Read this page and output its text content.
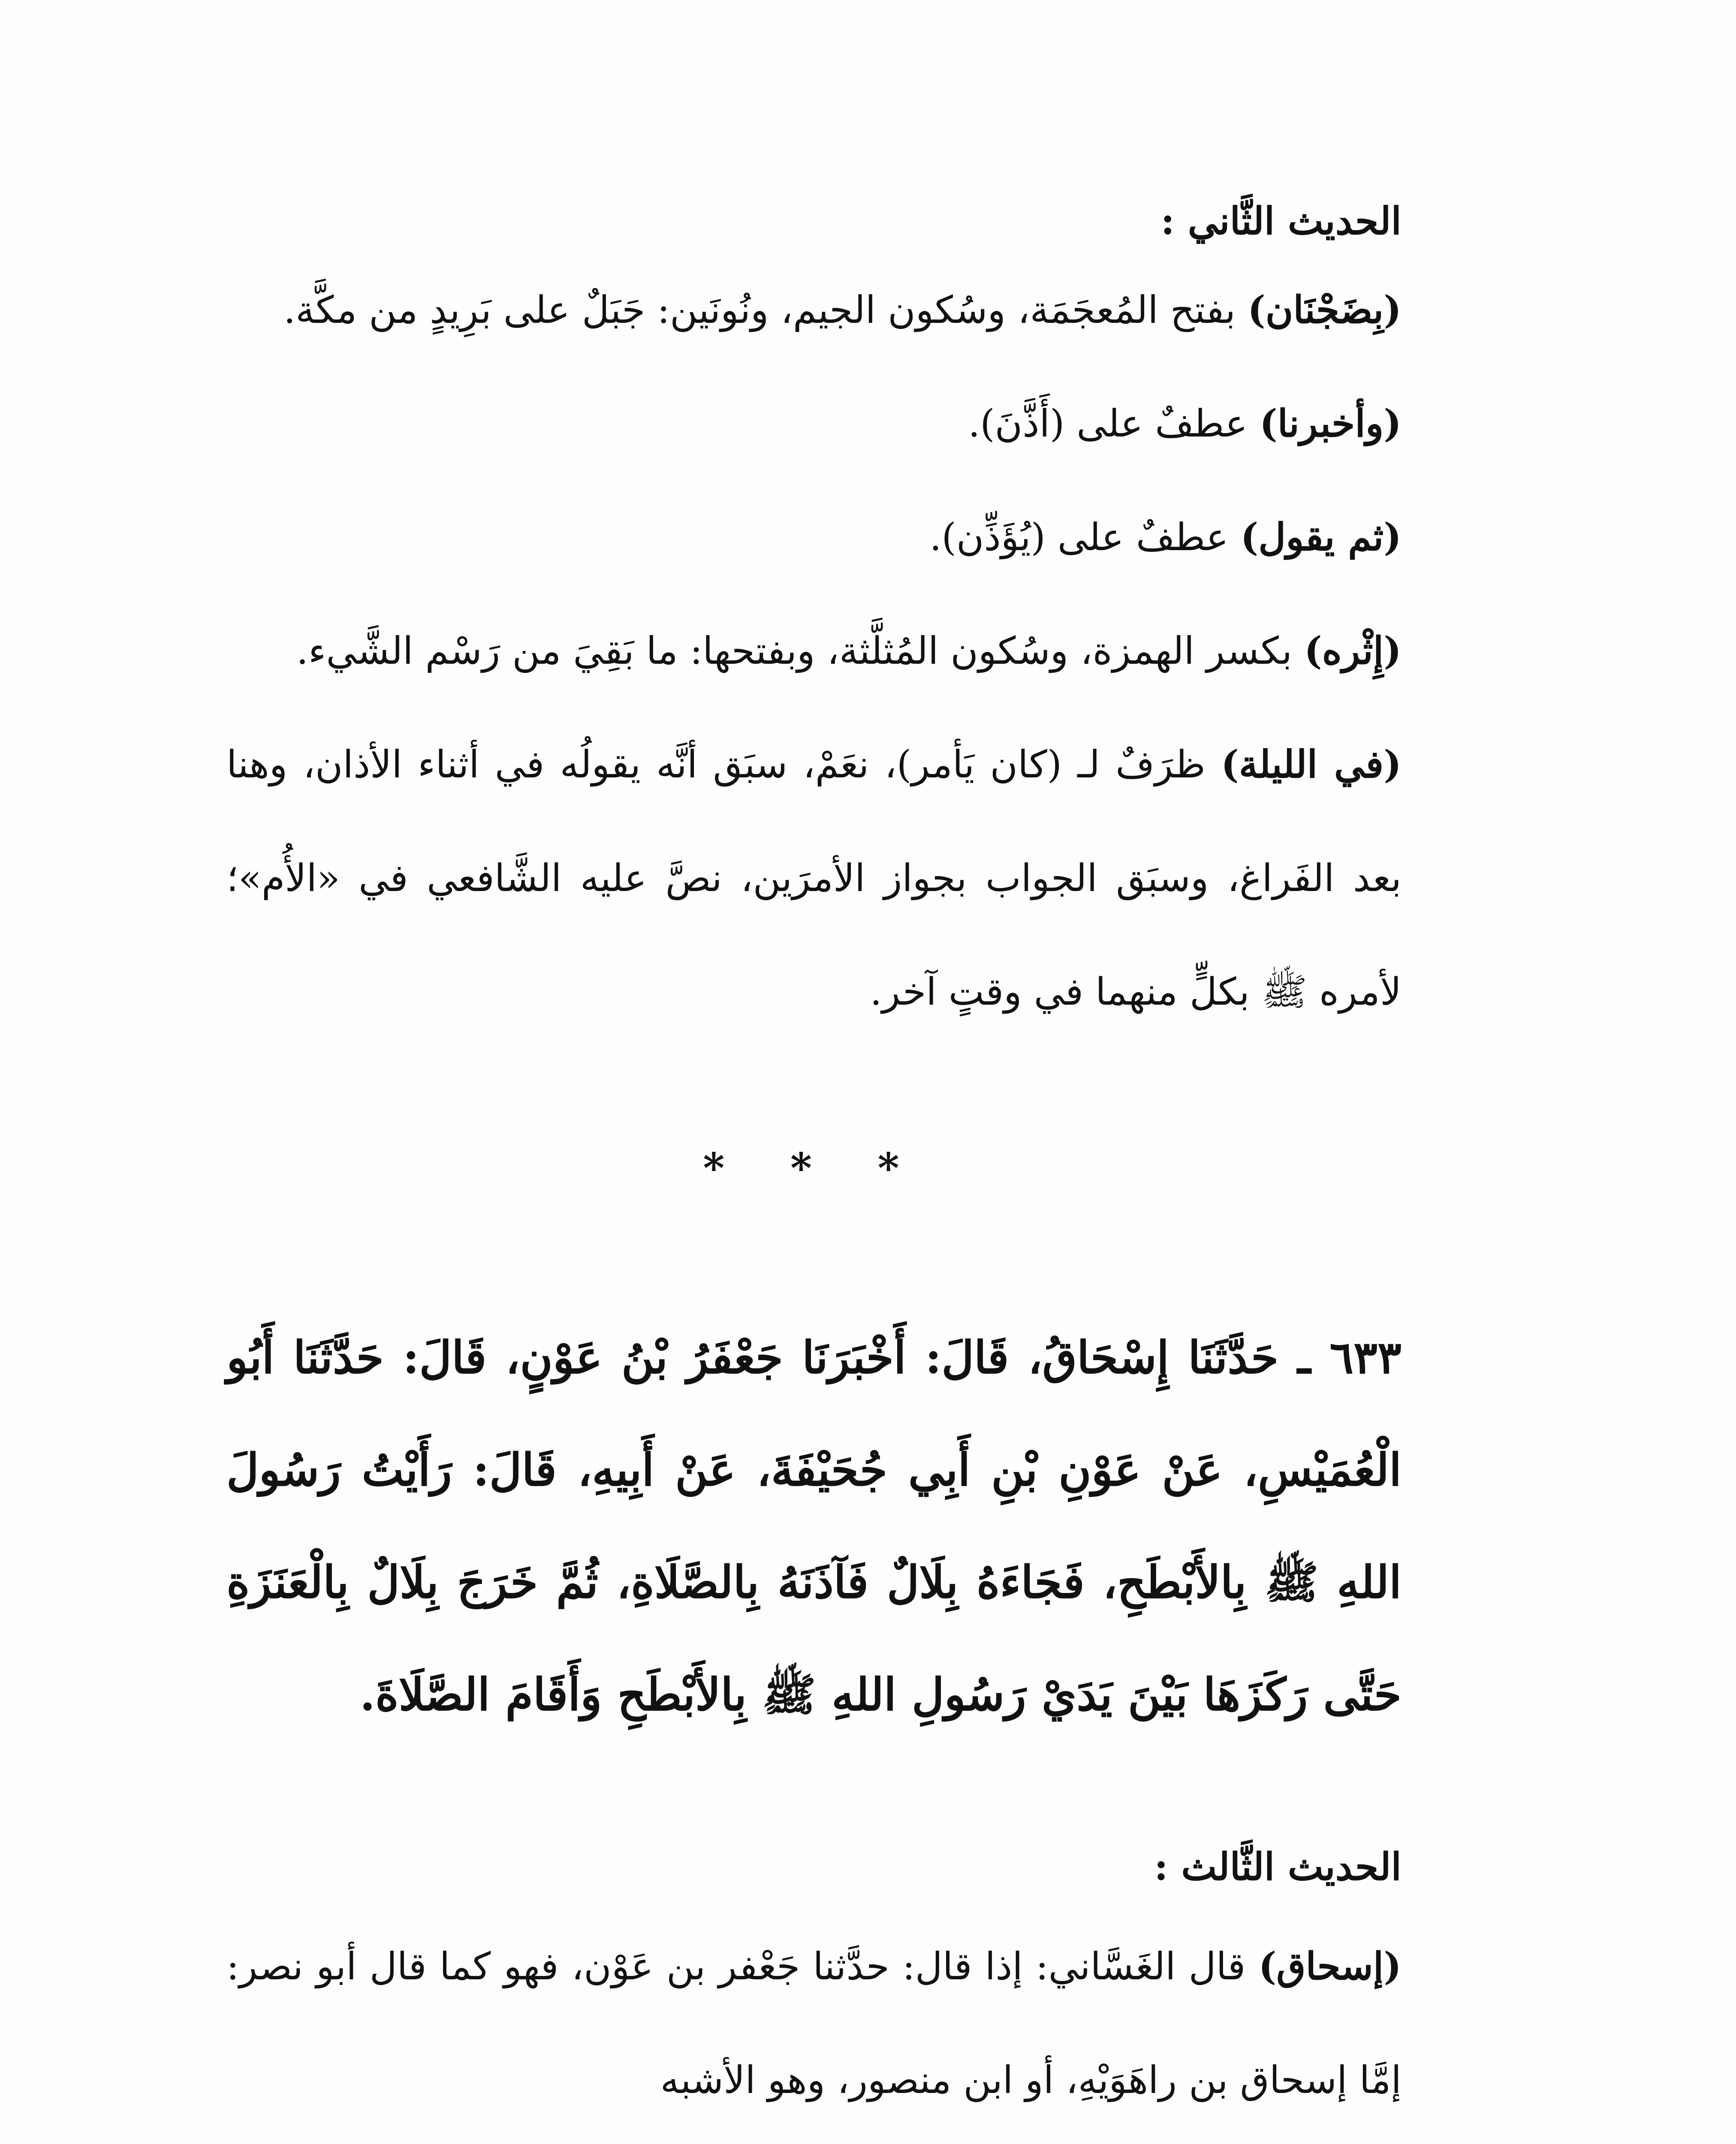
الحديث الثَّاني :

(بِضَجْنَان) بفتح المُعجَمَة، وسُكون الجيم، ونُونَين: جَبَلٌ على بَرِيدٍ من مكَّة.

(وأخبرنا) عطفٌ على (أَذَّنَ).

(ثم يقول) عطفٌ على (يُؤَذِّن).

(إِثْره) بكسر الهمزة، وسُكون المُثلَّثة، وبفتحها: ما بَقِيَ من رَسْم الشَّيء.

(في الليلة) ظرَفٌ لـ (كان يَأمر)، نعَمْ، سبَق أنَّه يقولُه في أثناء الأذان، وهنا بعد الفَراغ، وسبَق الجواب بجواز الأمرَين، نصَّ عليه الشَّافعي في «الأُم»؛ لأمره ﷺ بكلٍّ منهما في وقتٍ آخر.

* * *

٦٣٣ ـ حَدَّثَنَا إِسْحَاقُ، قَالَ: أَخْبَرَنَا جَعْفَرُ بْنُ عَوْنٍ، قَالَ: حَدَّثَنَا أَبُو الْعُمَيْسِ، عَنْ عَوْنِ بْنِ أَبِي جُحَيْفَةَ، عَنْ أَبِيهِ، قَالَ: رَأَيْتُ رَسُولَ اللهِ ﷺ بِالأَبْطَحِ، فَجَاءَهُ بِلَالٌ فَآذَنَهُ بِالصَّلَاةِ، ثُمَّ خَرَجَ بِلَالٌ بِالْعَنَزَةِ حَتَّى رَكَزَهَا بَيْنَ يَدَيْ رَسُولِ اللهِ ﷺ بِالأَبْطَحِ وَأَقَامَ الصَّلَاةَ.

الحديث الثَّالث :

(إسحاق) قال الغَسَّاني: إذا قال: حدَّثنا جَعْفر بن عَوْن، فهو كما قال أبو نصر: إمَّا إسحاق بن راهَوَيْهِ، أو ابن منصور، وهو الأشبه
